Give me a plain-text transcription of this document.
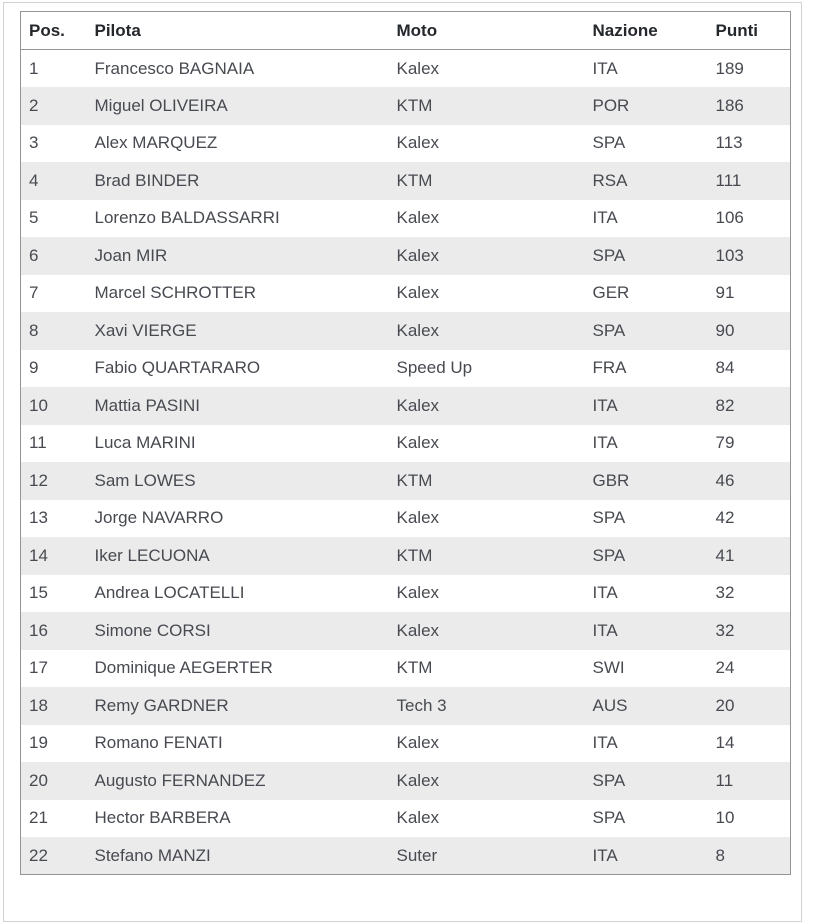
Pos.	Pilota	Moto	Nazione	Punti
1	Francesco BAGNAIA	Kalex	ITA	189
2	Miguel OLIVEIRA	KTM	POR	186
3	Alex MARQUEZ	Kalex	SPA	113
4	Brad BINDER	KTM	RSA	111
5	Lorenzo BALDASSARRI	Kalex	ITA	106
6	Joan MIR	Kalex	SPA	103
7	Marcel SCHROTTER	Kalex	GER	91
8	Xavi VIERGE	Kalex	SPA	90
9	Fabio QUARTARARO	Speed Up	FRA	84
10	Mattia PASINI	Kalex	ITA	82
11	Luca MARINI	Kalex	ITA	79
12	Sam LOWES	KTM	GBR	46
13	Jorge NAVARRO	Kalex	SPA	42
14	Iker LECUONA	KTM	SPA	41
15	Andrea LOCATELLI	Kalex	ITA	32
16	Simone CORSI	Kalex	ITA	32
17	Dominique AEGERTER	KTM	SWI	24
18	Remy GARDNER	Tech 3	AUS	20
19	Romano FENATI	Kalex	ITA	14
20	Augusto FERNANDEZ	Kalex	SPA	11
21	Hector BARBERA	Kalex	SPA	10
22	Stefano MANZI	Suter	ITA	8
